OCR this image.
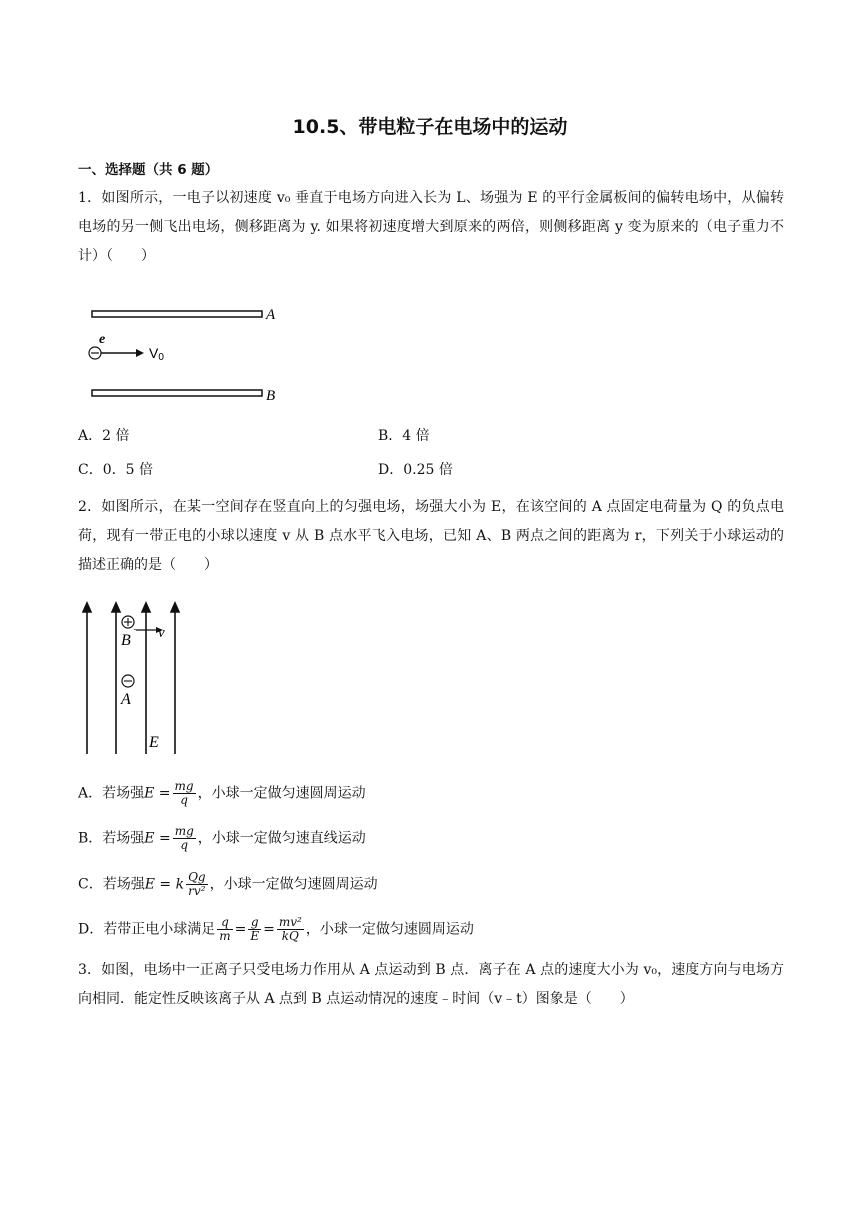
10.5、带电粒子在电场中的运动
一、选择题（共 6 题）
1．如图所示，一电子以初速度 v₀ 垂直于电场方向进入长为 L、场强为 E 的平行金属板间的偏转电场中，从偏转电场的另一侧飞出电场，侧移距离为 y. 如果将初速度增大到原来的两倍，则侧移距离 y 变为原来的（电子重力不计）（　　）
A
e
V0
B
A．2 倍	B．4 倍
C．0．5 倍	D．0.25 倍
2．如图所示，在某一空间存在竖直向上的匀强电场，场强大小为 E，在该空间的 A 点固定电荷量为 Q 的负点电荷，现有一带正电的小球以速度 v 从 B 点水平飞入电场，已知 A、B 两点之间的距离为 r，下列关于小球运动的描述正确的是（　　）
v
B
A
E
A．若场强$E = \frac{mg}{q}$ ，小球一定做匀速圆周运动
B．若场强$E = \frac{mg}{q}$ ，小球一定做匀速直线运动
C．若场强E = k $\frac{Qg}{\text{rv²}}$ ，小球一定做匀速圆周运动
D．若带正电小球满足 $\frac{q}{m} = \frac{g}{E} = \frac{\text{mv²}}{kQ}$ ，小球一定做匀速圆周运动
3．如图，电场中一正离子只受电场力作用从 A 点运动到 B 点．离子在 A 点的速度大小为 v₀，速度方向与电场方向相同．能定性反映该离子从 A 点到 B 点运动情况的速度﹣时间（v﹣t）图象是（　　）
